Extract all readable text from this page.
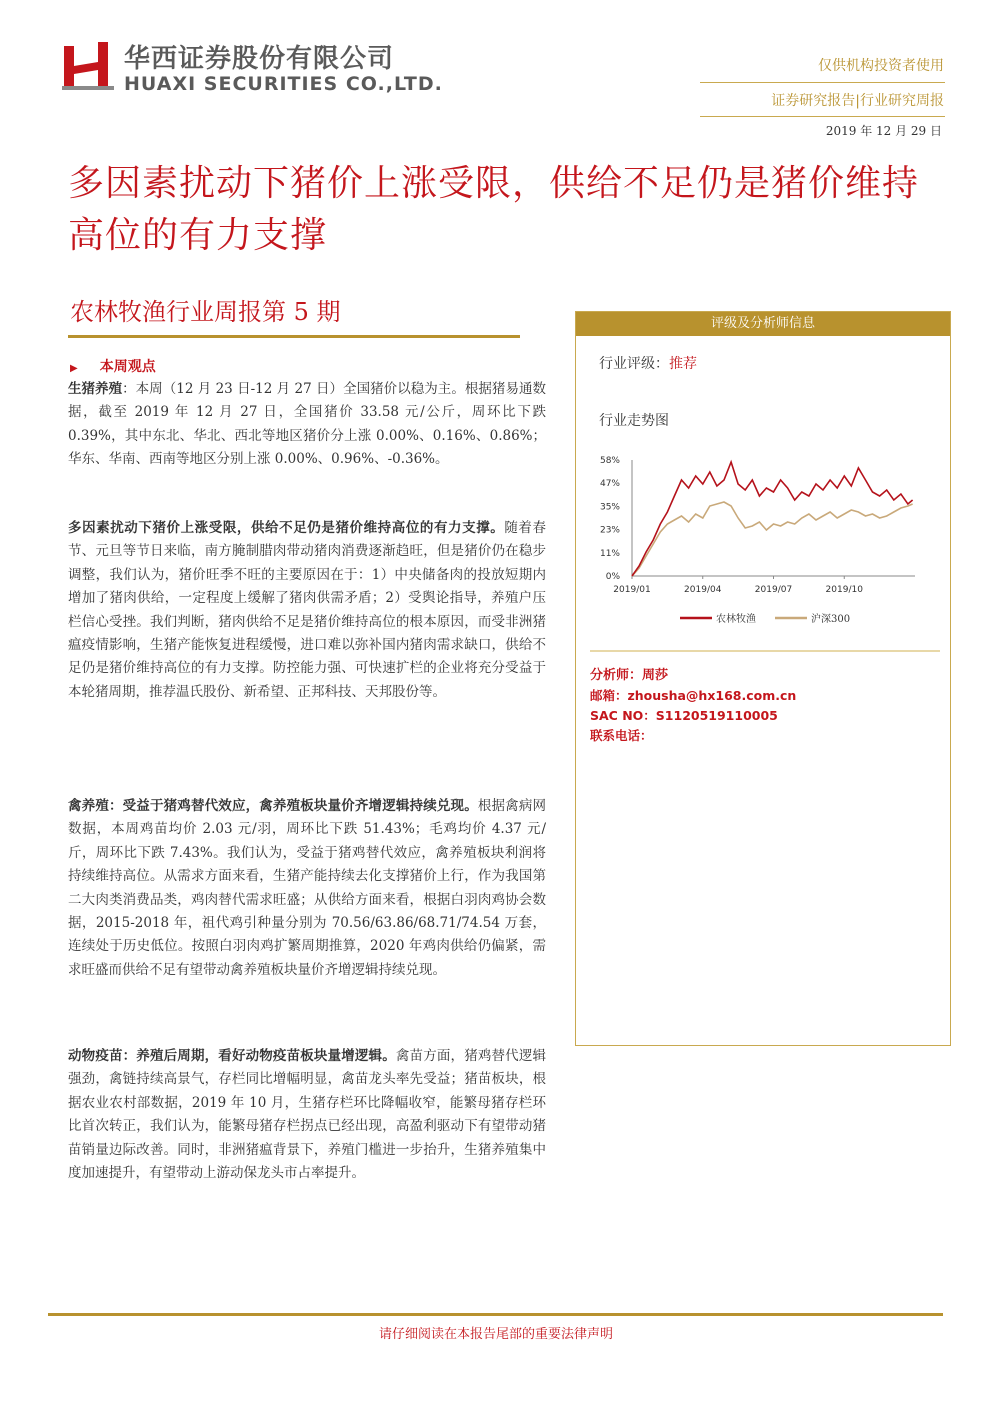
华西证券股份有限公司
HUAXI SECURITIES CO.,LTD.
仅供机构投资者使用
证券研究报告|行业研究周报
2019 年 12 月 29 日
多因素扰动下猪价上涨受限，供给不足仍是猪价维持高位的有力支撑
农林牧渔行业周报第 5 期
▶ 本周观点
生猪养殖：本周（12 月 23 日-12 月 27 日）全国猪价以稳为主。根据猪易通数据，截至 2019 年 12 月 27 日，全国猪价 33.58 元/公斤，周环比下跌 0.39%，其中东北、华北、西北等地区猪价分上涨 0.00%、0.16%、0.86%；华东、华南、西南等地区分别上涨 0.00%、0.96%、-0.36%。
多因素扰动下猪价上涨受限，供给不足仍是猪价维持高位的有力支撑。随着春节、元旦等节日来临，南方腌制腊肉带动猪肉消费逐渐趋旺，但是猪价仍在稳步调整，我们认为，猪价旺季不旺的主要原因在于：1）中央储备肉的投放短期内增加了猪肉供给，一定程度上缓解了猪肉供需矛盾；2）受舆论指导，养殖户压栏信心受挫。我们判断，猪肉供给不足是猪价维持高位的根本原因，而受非洲猪瘟疫情影响，生猪产能恢复进程缓慢，进口难以弥补国内猪肉需求缺口，供给不足仍是猪价维持高位的有力支撑。防控能力强、可快速扩栏的企业将充分受益于本轮猪周期，推荐温氏股份、新希望、正邦科技、天邦股份等。
禽养殖：受益于猪鸡替代效应，禽养殖板块量价齐增逻辑持续兑现。根据禽病网数据，本周鸡苗均价 2.03 元/羽，周环比下跌 51.43%；毛鸡均价 4.37 元/斤，周环比下跌 7.43%。我们认为，受益于猪鸡替代效应，禽养殖板块利润将持续维持高位。从需求方面来看，生猪产能持续去化支撑猪价上行，作为我国第二大肉类消费品类，鸡肉替代需求旺盛；从供给方面来看，根据白羽肉鸡协会数据，2015-2018 年，祖代鸡引种量分别为 70.56/63.86/68.71/74.54 万套，连续处于历史低位。按照白羽肉鸡扩繁周期推算，2020 年鸡肉供给仍偏紧，需求旺盛而供给不足有望带动禽养殖板块量价齐增逻辑持续兑现。
动物疫苗：养殖后周期，看好动物疫苗板块量增逻辑。禽苗方面，猪鸡替代逻辑强劲，禽链持续高景气，存栏同比增幅明显，禽苗龙头率先受益；猪苗板块，根据农业农村部数据，2019 年 10 月，生猪存栏环比降幅收窄，能繁母猪存栏环比首次转正，我们认为，能繁母猪存栏拐点已经出现，高盈利驱动下有望带动猪苗销量边际改善。同时，非洲猪瘟背景下，养殖门槛进一步抬升，生猪养殖集中度加速提升，有望带动上游动保龙头市占率提升。
评级及分析师信息
行业评级：推荐
行业走势图
58%
47%
35%
23%
11%
0%
2019/01	2019/04	2019/07	2019/10
农林牧渔	沪深300
分析师：周莎
邮箱：zhousha@hx168.com.cn
SAC NO：S1120519110005
联系电话：
请仔细阅读在本报告尾部的重要法律声明
